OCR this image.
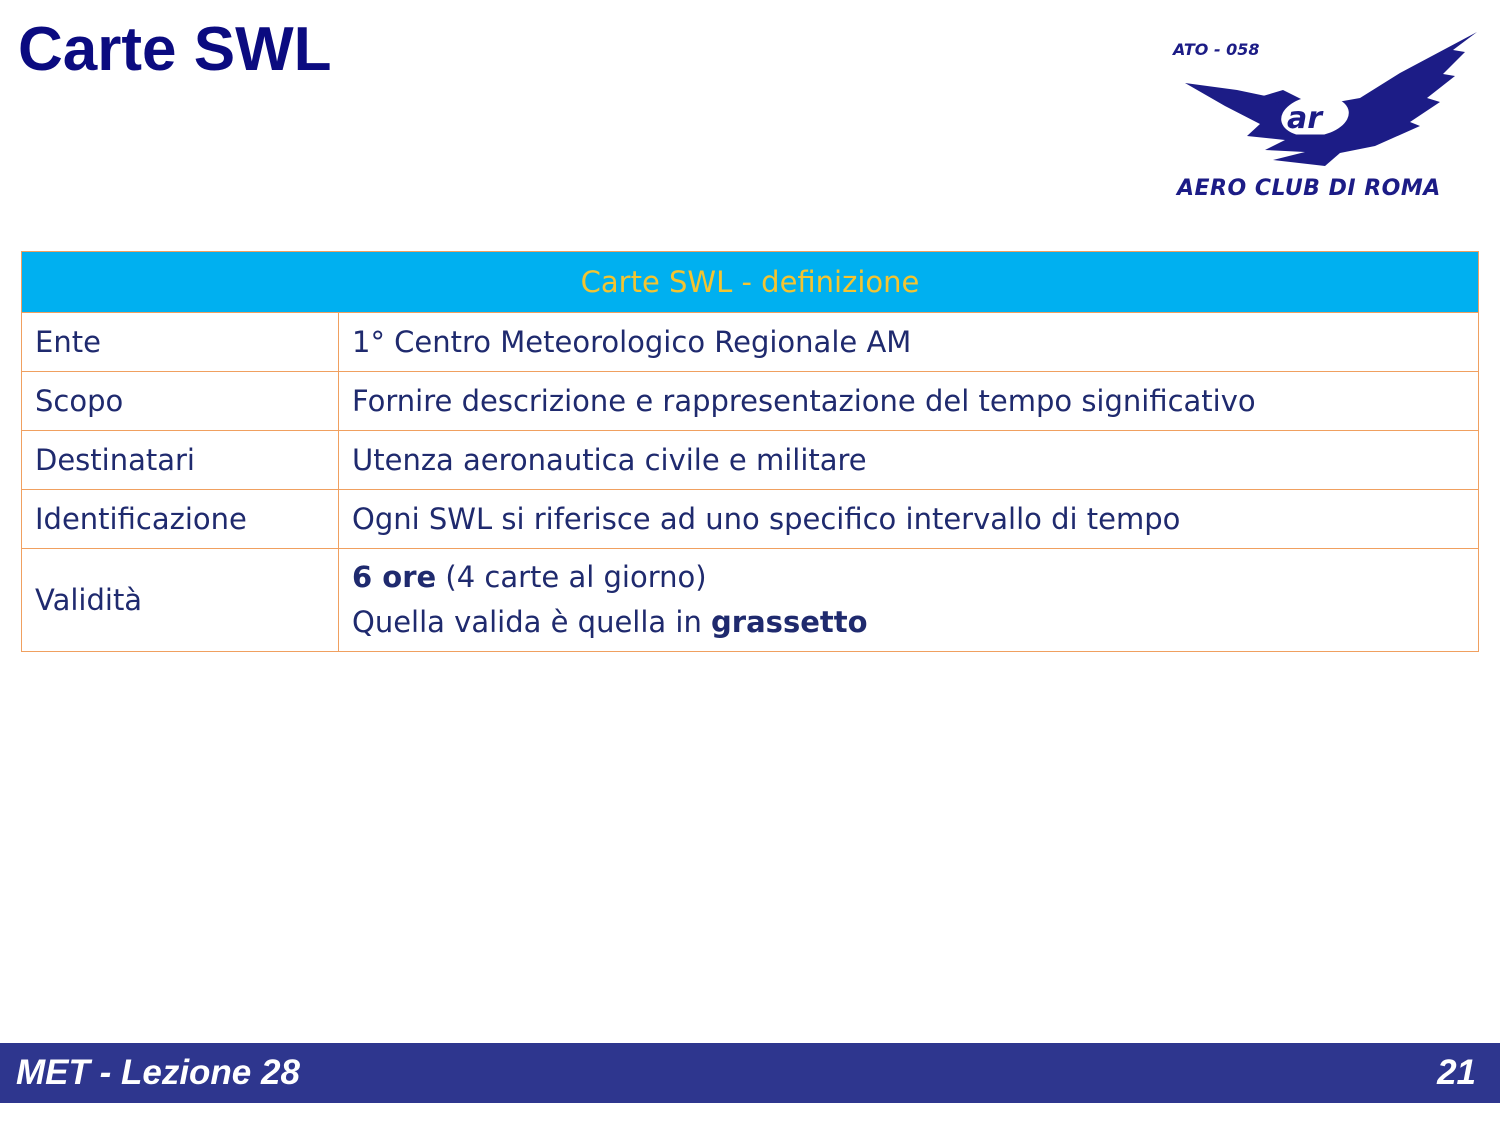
Carte SWL
ar
ATO - 058
AERO CLUB DI ROMA
Carte SWL - definizione	
Ente	1° Centro Meteorologico Regionale AM
Scopo	Fornire descrizione e rappresentazione del tempo significativo
Destinatari	Utenza aeronautica civile e militare
Identificazione	Ogni SWL si riferisce ad uno specifico intervallo di tempo
Validità	6 ore (4 carte al giorno)
Quella valida è quella in grassetto
MET - Lezione 28	21
